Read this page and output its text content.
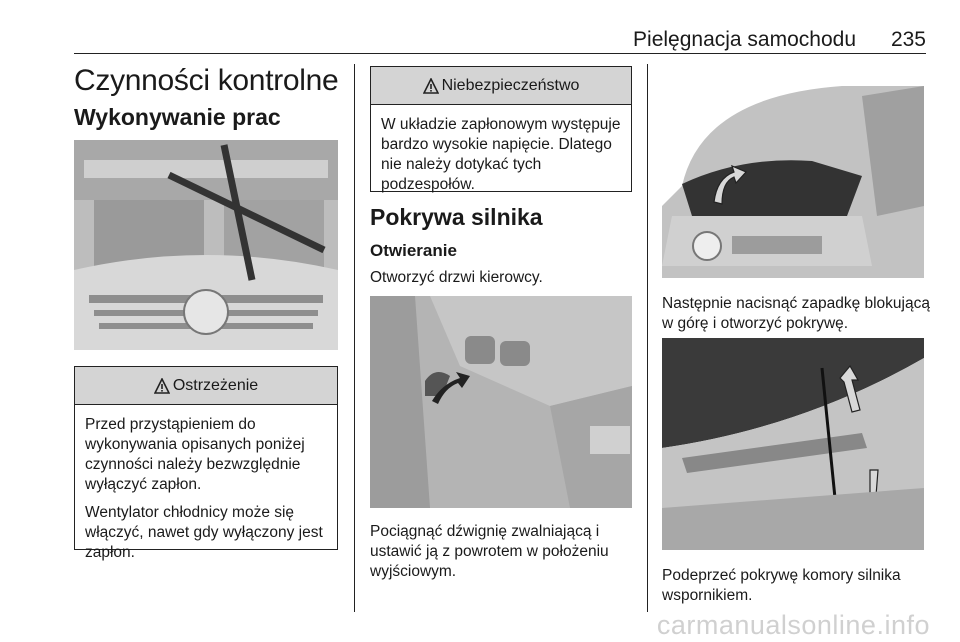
Pielęgnacja samochodu 235
Czynności kontrolne
Wykonywanie prac
Ostrzeżenie

Przed przystąpieniem do wykonywania opisanych poniżej czynności należy bezwzględnie wyłączyć zapłon.

Wentylator chłodnicy może się włączyć, nawet gdy wyłączony jest zapłon.

Niebezpieczeństwo

W układzie zapłonowym występuje bardzo wysokie napięcie. Dlatego nie należy dotykać tych podzespołów.

Pokrywa silnika
Otwieranie

Otworzyć drzwi kierowcy.

Pociągnąć dźwignię zwalniającą i ustawić ją z powrotem w położeniu wyjściowym.

Następnie nacisnąć zapadkę blokującą w górę i otworzyć pokrywę.

Podeprzeć pokrywę komory silnika wspornikiem.

carmanualsonline.info
